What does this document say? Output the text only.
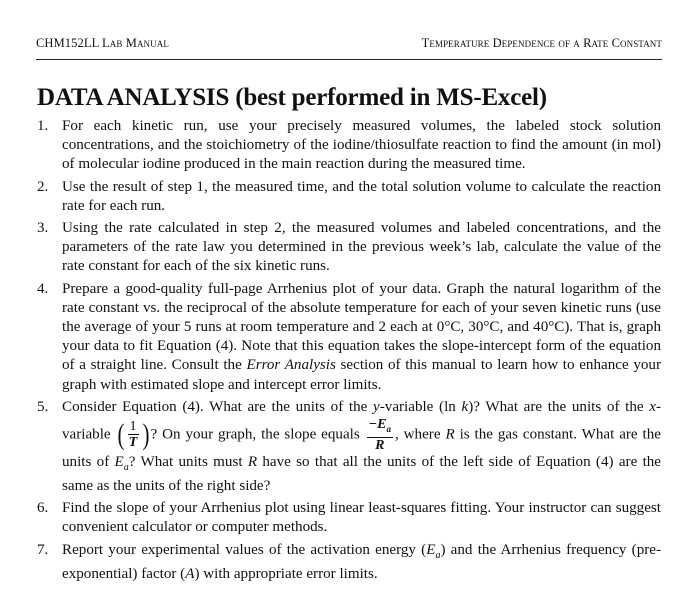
CHM152LL Lab Manual	Temperature Dependence of a Rate Constant
DATA ANALYSIS (best performed in MS-Excel)
1. For each kinetic run, use your precisely measured volumes, the labeled stock solution concentrations, and the stoichiometry of the iodine/thiosulfate reaction to find the amount (in mol) of molecular iodine produced in the main reaction during the measured time.
2. Use the result of step 1, the measured time, and the total solution volume to calculate the reaction rate for each run.
3. Using the rate calculated in step 2, the measured volumes and labeled concentrations, and the parameters of the rate law you determined in the previous week’s lab, calculate the value of the rate constant for each of the six kinetic runs.
4. Prepare a good-quality full-page Arrhenius plot of your data. Graph the natural logarithm of the rate constant vs. the reciprocal of the absolute temperature for each of your seven kinetic runs (use the average of your 5 runs at room temperature and 2 each at 0°C, 30°C, and 40°C). That is, graph your data to fit Equation (4). Note that this equation takes the slope-intercept form of the equation of a straight line. Consult the Error Analysis section of this manual to learn how to enhance your graph with estimated slope and intercept error limits.
5. Consider Equation (4). What are the units of the y-variable (ln k)? What are the units of the x-variable ( $\frac{1}{T}$ )? On your graph, the slope equals $\frac{-E_a}{R}$ , where R is the gas constant. What are the units of $E_a$? What units must R have so that all the units of the left side of Equation (4) are the same as the units of the right side?
6. Find the slope of your Arrhenius plot using linear least-squares fitting. Your instructor can suggest convenient calculator or computer methods.
7. Report your experimental values of the activation energy $(E_a)$ and the Arrhenius frequency (pre-exponential) factor (A) with appropriate error limits.
